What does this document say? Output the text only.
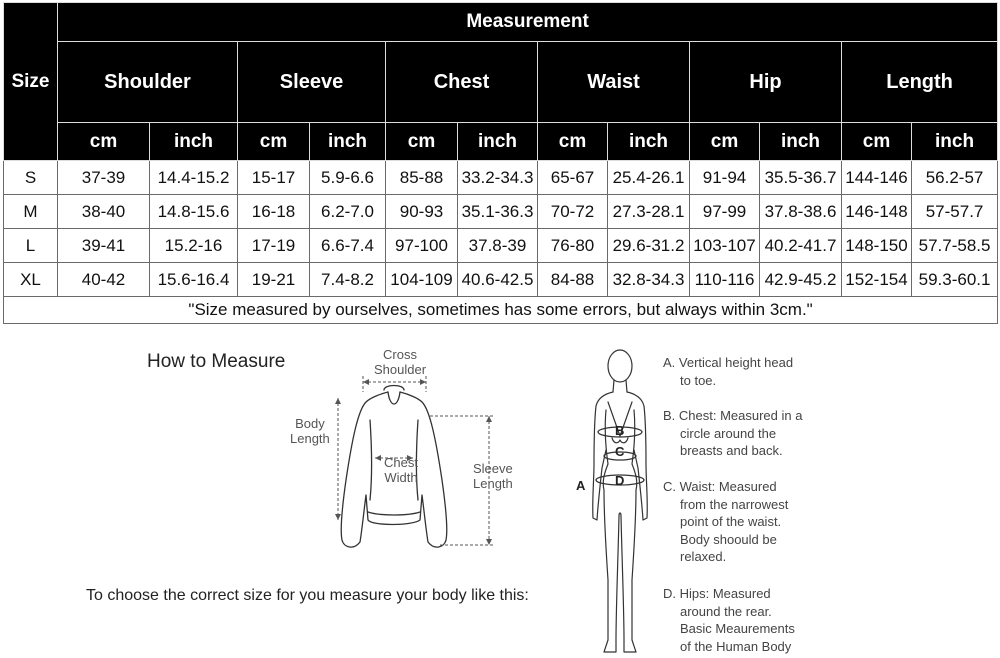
Size	Measurement											
	Shoulder		Sleeve		Chest		Waist		Hip		Length	
	cm	inch	cm	inch	cm	inch	cm	inch	cm	inch	cm	inch
S	37-39	14.4-15.2	15-17	5.9-6.6	85-88	33.2-34.3	65-67	25.4-26.1	91-94	35.5-36.7	144-146	56.2-57
M	38-40	14.8-15.6	16-18	6.2-7.0	90-93	35.1-36.3	70-72	27.3-28.1	97-99	37.8-38.6	146-148	57-57.7
L	39-41	15.2-16	17-19	6.6-7.4	97-100	37.8-39	76-80	29.6-31.2	103-107	40.2-41.7	148-150	57.7-58.5
XL	40-42	15.6-16.4	19-21	7.4-8.2	104-109	40.6-42.5	84-88	32.8-34.3	110-116	42.9-45.2	152-154	59.3-60.1
"Size measured by ourselves, sometimes has some errors, but always within 3cm."												

How to Measure	Cross
Shoulder
Body
Length
Chest
Width
Sleeve
Length

To choose the correct size for you measure your body like this:

A
B
C
D
A. Vertical height head
to toe.
B. Chest: Measured in a
circle around the
breasts and back.
C. Waist: Measured
from the narrowest
point of the waist.
Body shoould be
relaxed.
D. Hips: Measured
around the rear.
Basic Meaurements
of the Human Body
